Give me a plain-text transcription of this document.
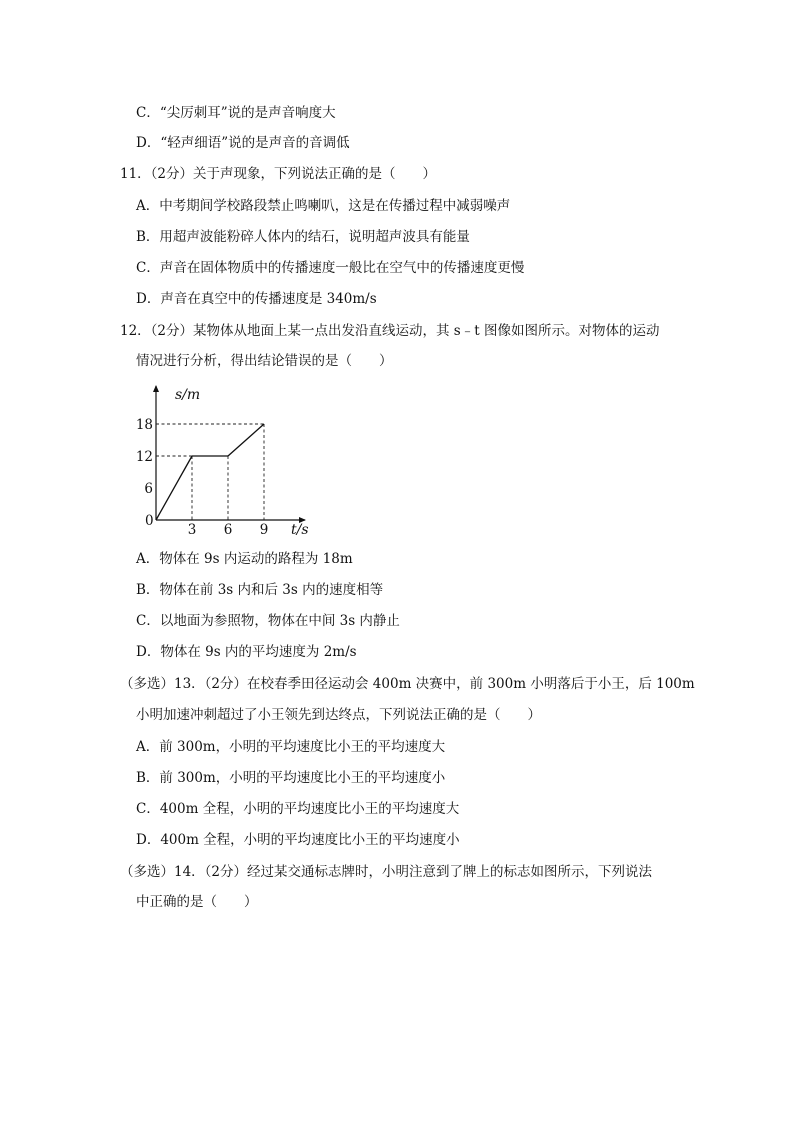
C．“尖厉刺耳”说的是声音响度大
D．“轻声细语”说的是声音的音调低
11．（2分）关于声现象，下列说法正确的是（　　）
A．中考期间学校路段禁止鸣喇叭，这是在传播过程中减弱噪声
B．用超声波能粉碎人体内的结石，说明超声波具有能量
C．声音在固体物质中的传播速度一般比在空气中的传播速度更慢
D．声音在真空中的传播速度是 340m/s
12．（2分）某物体从地面上某一点出发沿直线运动，其 s﹣t 图像如图所示。对物体的运动
情况进行分析，得出结论错误的是（　　）
s/m
t/s
0
3 6 9
6
12
18
A．物体在 9s 内运动的路程为 18m
B．物体在前 3s 内和后 3s 内的速度相等
C．以地面为参照物，物体在中间 3s 内静止
D．物体在 9s 内的平均速度为 2m/s
（多选）13．（2分）在校春季田径运动会 400m 决赛中，前 300m 小明落后于小王，后 100m
小明加速冲刺超过了小王领先到达终点，下列说法正确的是（　　）
A．前 300m，小明的平均速度比小王的平均速度大
B．前 300m，小明的平均速度比小王的平均速度小
C．400m 全程，小明的平均速度比小王的平均速度大
D．400m 全程，小明的平均速度比小王的平均速度小
（多选）14．（2分）经过某交通标志牌时，小明注意到了牌上的标志如图所示，下列说法
中正确的是（　　）
